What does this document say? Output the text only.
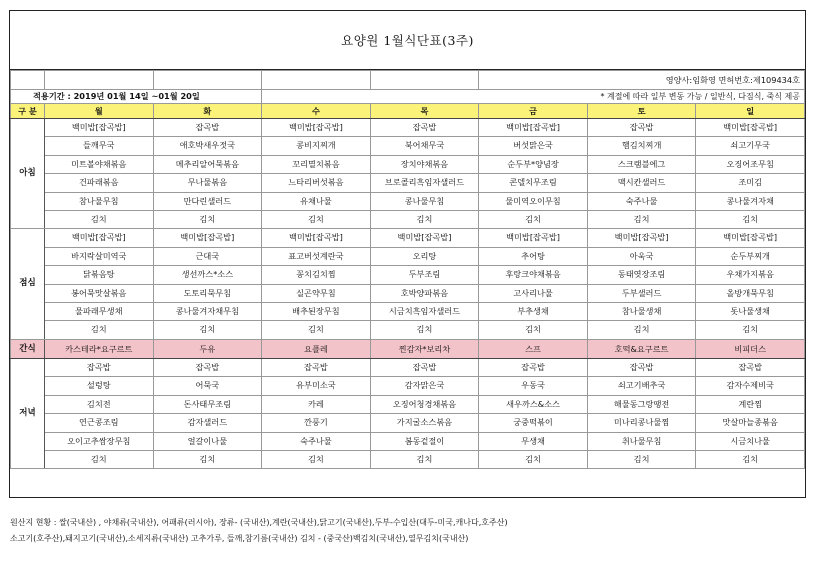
요양원 1월식단표(3주)
					영양사:임화영 면허번호:제109434호		
적용기간 : 2019년 01월 14일 ~01월 20일			* 계절에 따라 일부 변동 가능 / 일반식, 다짐식, 죽식 제공				
구 분	월	화	수	목	금	토	일
아침	백미밥[잡곡밥]	잡곡밥	백미밥[잡곡밥]	잡곡밥	백미밥[잡곡밥]	잡곡밥	백미밥[잡곡밥]
	들깨무국	애호박새우젓국	콩비지찌개	북어채무국	버섯맑은국	햄김치찌개	쇠고기무국
	미트볼야채볶음	메추리알어묵볶음	꼬리멸치볶음	장치야채볶음	순두부*양념장	스크램블에그	오징어조무침
	건파래볶음	무나물볶음	느타리버섯볶음	브로콜리흑임자샐러드	콘델치무조림	맥시칸샐러드	조미김
	참나물무침	만다린샐러드	유채나물	콩나물무침	물미역오이무침	숙주나물	콩나물겨자채
	김치	김치	김치	김치	김치	김치	김치
점심	백미밥[잡곡밥]	백미밥[잡곡밥]	백미밥[잡곡밥]	백미밥[잡곡밥]	백미밥[잡곡밥]	백미밥[잡곡밥]	백미밥[잡곡밥]
	바지락살미역국	근대국	표고버섯계란국	오리탕	추어탕	아욱국	순두부찌개
	닭볶음탕	생선까스*소스	꽁치김치찜	두부조림	후랑크야채볶음	동태엿장조림	우채가지볶음
	봉어묵맛살볶음	도토리묵무침	실곤약무침	호박양파볶음	고사리나물	두부샐러드	올방개묵무침
	물파래무생채	콩나물겨자채무침	배추된장무침	시금치흑임자샐러드	부추생채	참나물생채	돗나물생채
	김치	김치	김치	김치	김치	김치	김치
간식	카스테라*요구르트	두유	요플레	찐감자*보리차	스프	호떡&요구르트	비피더스
저녁	잡곡밥	잡곡밥	잡곡밥	잡곡밥	잡곡밥	잡곡밥	잡곡밥
	설렁탕	어묵국	유부미소국	감자맑은국	우동국	쇠고기배추국	감자수제비국
	김치전	돈사태무조림	카레	오징어청경채볶음	새우까스&소스	해물동그랑땡전	계란찜
	연근콩조림	감자샐러드	깐풍기	가지굴소스볶음	궁중떡볶이	미나리콩나물찜	맛살마늘종볶음
	오이고추쌈장무침	얼갈이나물	숙주나물	봄동겉절이	무생채	취나물무침	시금치나물
	김치	김치	김치	김치	김치	김치	김치
원산지 현황 : 쌀(국내산) , 야채류(국내산), 어패류(러시아), 장류- (국내산),계란(국내산),닭고기(국내산),두부-수입산(대두-미국,캐나다,호주산)
소고기(호주산),돼지고기(국내산),소세지류(국내산) 고추가루, 들깨,참기름(국내산) 김치 - (중국산)백김치(국내산),열무김치(국내산)
